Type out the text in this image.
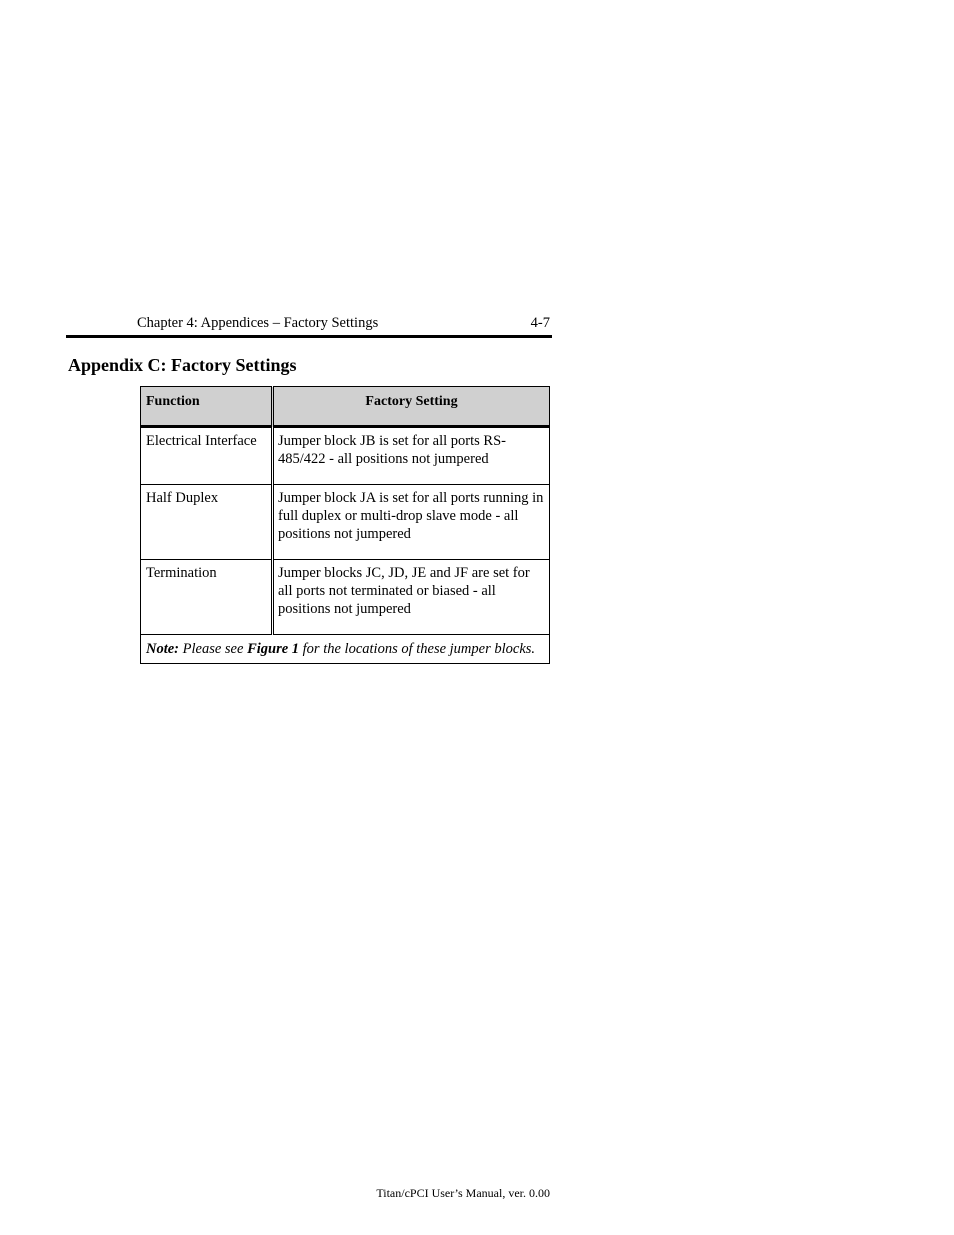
Chapter 4: Appendices – Factory Settings	4-7
Appendix C: Factory Settings
Function	Factory Setting

Electrical Interface	Jumper block JB is set for all ports RS-485/422 - all positions not jumpered

Half Duplex	Jumper block JA is set for all ports running in full duplex or multi-drop slave mode - all positions not jumpered

Termination	Jumper blocks JC, JD, JE and JF are set for all ports not terminated or biased - all positions not jumpered

Note: Please see Figure 1 for the locations of these jumper blocks.	
Titan/cPCI User’s Manual, ver. 0.00
